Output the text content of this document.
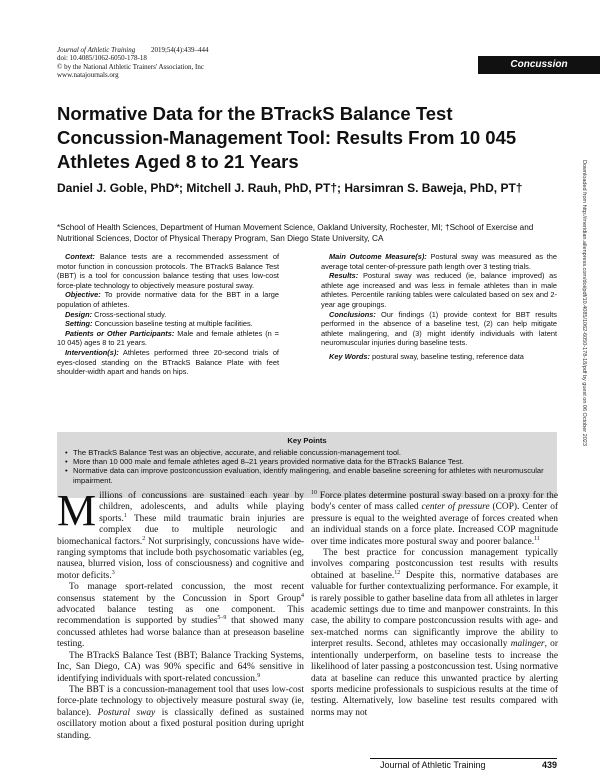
Journal of Athletic Training 2019;54(4):439–444
doi: 10.4085/1062-6050-178-18
© by the National Athletic Trainers' Association, Inc
www.natajournals.org
Concussion
Downloaded from http://meridian.allenpress.com/doi/pdf/10.4085/1062-6050-178-18/pdf by guest on 06 October 2023
Normative Data for the BTrackS Balance Test Concussion-Management Tool: Results From 10 045 Athletes Aged 8 to 21 Years
Daniel J. Goble, PhD*; Mitchell J. Rauh, PhD, PT†; Harsimran S. Baweja, PhD, PT†
*School of Health Sciences, Department of Human Movement Science, Oakland University, Rochester, MI; †School of Exercise and Nutritional Sciences, Doctor of Physical Therapy Program, San Diego State University, CA

Context: Balance tests are a recommended assessment of motor function in concussion protocols. The BTrackS Balance Test (BBT) is a tool for concussion balance testing that uses low-cost force-plate technology to objectively measure postural sway.

Objective: To provide normative data for the BBT in a large population of athletes.

Design: Cross-sectional study.

Setting: Concussion baseline testing at multiple facilities.

Patients or Other Participants: Male and female athletes (n = 10 045) ages 8 to 21 years.

Intervention(s): Athletes performed three 20-second trials of eyes-closed standing on the BTrackS Balance Plate with feet shoulder-width apart and hands on hips.

Main Outcome Measure(s): Postural sway was measured as the average total center-of-pressure path length over 3 testing trials.

Results: Postural sway was reduced (ie, balance improved) as athlete age increased and was less in female athletes than in male athletes. Percentile ranking tables were calculated based on sex and 2-year age groupings.

Conclusions: Our findings (1) provide context for BBT results performed in the absence of a baseline test, (2) can help mitigate athlete malingering, and (3) might identify individuals with latent neuromuscular injuries during baseline tests.

Key Words: postural sway, baseline testing, reference data

Key Points
• The BTrackS Balance Test was an objective, accurate, and reliable concussion-management tool.
• More than 10 000 male and female athletes aged 8–21 years provided normative data for the BTrackS Balance Test.
• Normative data can improve postconcussion evaluation, identify malingering, and enable baseline screening for athletes with neuromuscular impairment.

Millions of concussions are sustained each year by children, adolescents, and adults while playing sports.$^1$ These mild traumatic brain injuries are complex due to multiple neurologic and biomechanical factors.$^2$ Not surprisingly, concussions have wide-ranging symptoms that include both psychosomatic variables (eg, nausea, blurred vision, loss of consciousness) and cognitive and motor deficits.$^3$

To manage sport-related concussion, the most recent consensus statement by the Concussion in Sport Group$^4$ advocated balance testing as one component. This recommendation is supported by studies$^{5-9}$ that showed many concussed athletes had worse balance than at preseason baseline testing.

The BTrackS Balance Test (BBT; Balance Tracking Systems, Inc, San Diego, CA) was 90% specific and 64% sensitive in identifying individuals with sport-related concussion.$^9$

The BBT is a concussion-management tool that uses low-cost force-plate technology to objectively measure postural sway (ie, balance). Postural sway is classically defined as sustained oscillatory motion about a fixed postural position during upright standing.

$^{10}$ Force plates determine postural sway based on a proxy for the body's center of mass called center of pressure (COP). Center of pressure is equal to the weighted average of forces created when an individual stands on a force plate. Increased COP magnitude over time indicates more postural sway and poorer balance.$^{11}$

The best practice for concussion management typically involves comparing postconcussion test results with results obtained at baseline.$^{12}$ Despite this, normative databases are valuable for further contextualizing performance. For example, it is rarely possible to gather baseline data from all athletes in larger academic settings due to time and manpower constraints. In this case, the ability to compare postconcussion results with age- and sex-matched norms can significantly improve the ability to interpret results. Second, athletes may occasionally malinger, or intentionally underperform, on baseline tests to increase the likelihood of later passing a postconcussion test. Using normative data at baseline can reduce this unwanted practice by alerting sports medicine professionals to suspicious results at the time of testing. Alternatively, low baseline test results compared with norms may not

Journal of Athletic Training	439
